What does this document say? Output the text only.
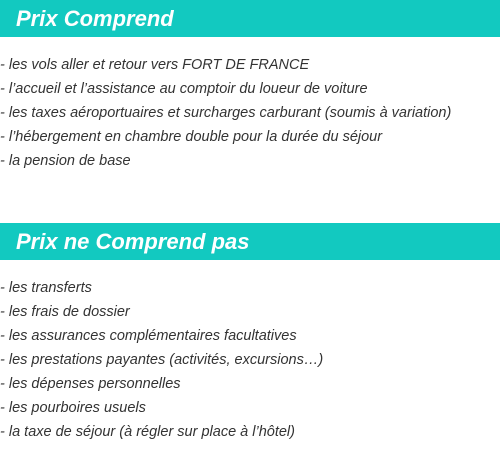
Prix Comprend
- les vols aller et retour vers FORT DE FRANCE
- l’accueil et l’assistance au comptoir du loueur de voiture
- les taxes aéroportuaires et surcharges carburant (soumis à variation)
- l’hébergement en chambre double pour la durée du séjour
- la pension de base
Prix ne Comprend pas
- les transferts
- les frais de dossier
- les assurances complémentaires facultatives
- les prestations payantes (activités, excursions…)
- les dépenses personnelles
- les pourboires usuels
- la taxe de séjour (à régler sur place à l’hôtel)
